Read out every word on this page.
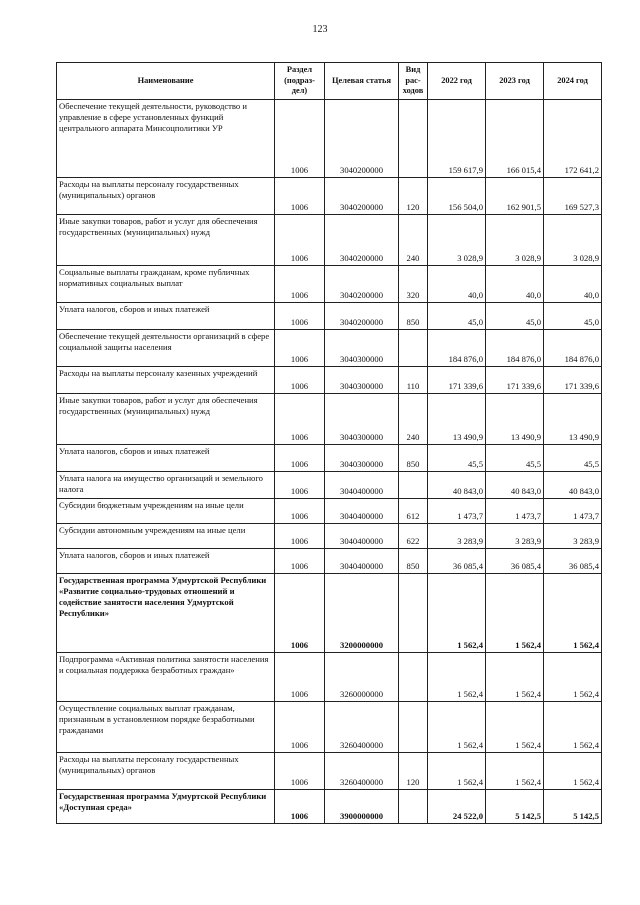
123
Наименование	Раздел (подраз-дел)	Целевая статья	Вид рас-ходов	2022 год	2023 год	2024 год
Обеспечение текущей деятельности, руководство и управление в сфере установленных функций центрального аппарата Минсоцполитики УР	1006	3040200000		159 617,9	166 015,4	172 641,2
Расходы на выплаты персоналу государственных (муниципальных) органов	1006	3040200000	120	156 504,0	162 901,5	169 527,3
Иные закупки товаров, работ и услуг для обеспечения государственных (муниципальных) нужд	1006	3040200000	240	3 028,9	3 028,9	3 028,9
Социальные выплаты гражданам, кроме публичных нормативных социальных выплат	1006	3040200000	320	40,0	40,0	40,0
Уплата налогов, сборов и иных платежей	1006	3040200000	850	45,0	45,0	45,0
Обеспечение текущей деятельности организаций в сфере социальной защиты населения	1006	3040300000		184 876,0	184 876,0	184 876,0
Расходы на выплаты персоналу казенных учреждений	1006	3040300000	110	171 339,6	171 339,6	171 339,6
Иные закупки товаров, работ и услуг для обеспечения государственных (муниципальных) нужд	1006	3040300000	240	13 490,9	13 490,9	13 490,9
Уплата налогов, сборов и иных платежей	1006	3040300000	850	45,5	45,5	45,5
Уплата налога на имущество организаций и земельного налога	1006	3040400000		40 843,0	40 843,0	40 843,0
Субсидии бюджетным учреждениям на иные цели	1006	3040400000	612	1 473,7	1 473,7	1 473,7
Субсидии автономным учреждениям на иные цели	1006	3040400000	622	3 283,9	3 283,9	3 283,9
Уплата налогов, сборов и иных платежей	1006	3040400000	850	36 085,4	36 085,4	36 085,4
Государственная программа Удмуртской Республики «Развитие социально-трудовых отношений и содействие занятости населения Удмуртской Республики»	1006	3200000000		1 562,4	1 562,4	1 562,4
Подпрограмма «Активная политика занятости населения и социальная поддержка безработных граждан»	1006	3260000000		1 562,4	1 562,4	1 562,4
Осуществление социальных выплат гражданам, признанным в установленном порядке безработными гражданами	1006	3260400000		1 562,4	1 562,4	1 562,4
Расходы на выплаты персоналу государственных (муниципальных) органов	1006	3260400000	120	1 562,4	1 562,4	1 562,4
Государственная программа Удмуртской Республики «Доступная среда»	1006	3900000000		24 522,0	5 142,5	5 142,5
